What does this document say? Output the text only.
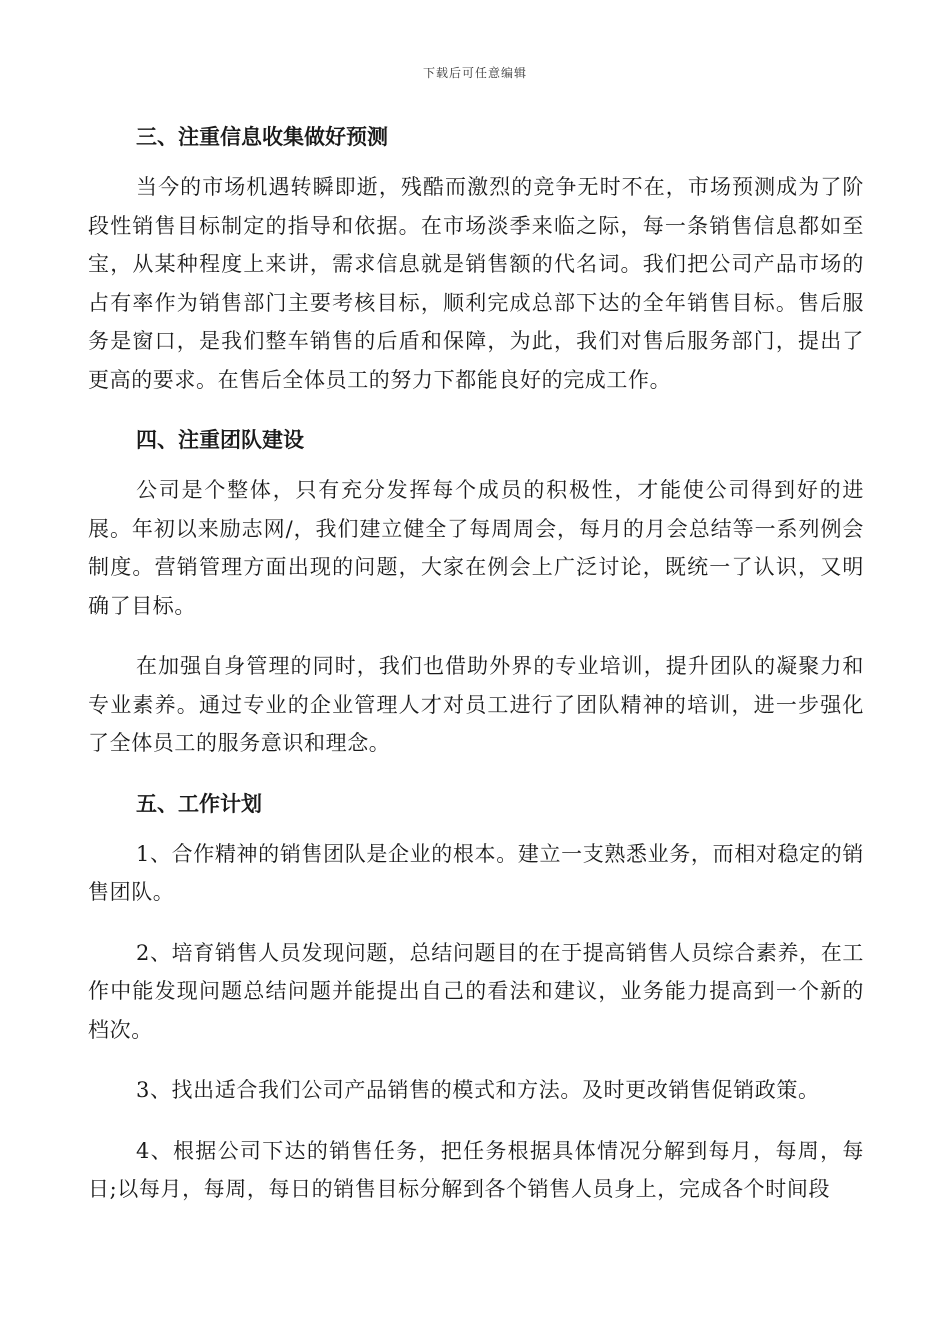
下载后可任意编辑
三、注重信息收集做好预测

当今的市场机遇转瞬即逝，残酷而激烈的竞争无时不在，市场预测成为了阶段性销售目标制定的指导和依据。在市场淡季来临之际，每一条销售信息都如至宝，从某种程度上来讲，需求信息就是销售额的代名词。我们把公司产品市场的占有率作为销售部门主要考核目标，顺利完成总部下达的全年销售目标。售后服务是窗口，是我们整车销售的后盾和保障，为此，我们对售后服务部门，提出了更高的要求。在售后全体员工的努力下都能良好的完成工作。

四、注重团队建设

公司是个整体，只有充分发挥每个成员的积极性，才能使公司得到好的进展。年初以来励志网/，我们建立健全了每周周会，每月的月会总结等一系列例会制度。营销管理方面出现的问题，大家在例会上广泛讨论，既统一了认识，又明确了目标。

在加强自身管理的同时，我们也借助外界的专业培训，提升团队的凝聚力和专业素养。通过专业的企业管理人才对员工进行了团队精神的培训，进一步强化了全体员工的服务意识和理念。

五、工作计划

1、合作精神的销售团队是企业的根本。建立一支熟悉业务，而相对稳定的销售团队。

2、培育销售人员发现问题，总结问题目的在于提高销售人员综合素养，在工作中能发现问题总结问题并能提出自己的看法和建议，业务能力提高到一个新的档次。

3、找出适合我们公司产品销售的模式和方法。及时更改销售促销政策。

4、根据公司下达的销售任务，把任务根据具体情况分解到每月，每周，每日;以每月，每周，每日的销售目标分解到各个销售人员身上，完成各个时间段
